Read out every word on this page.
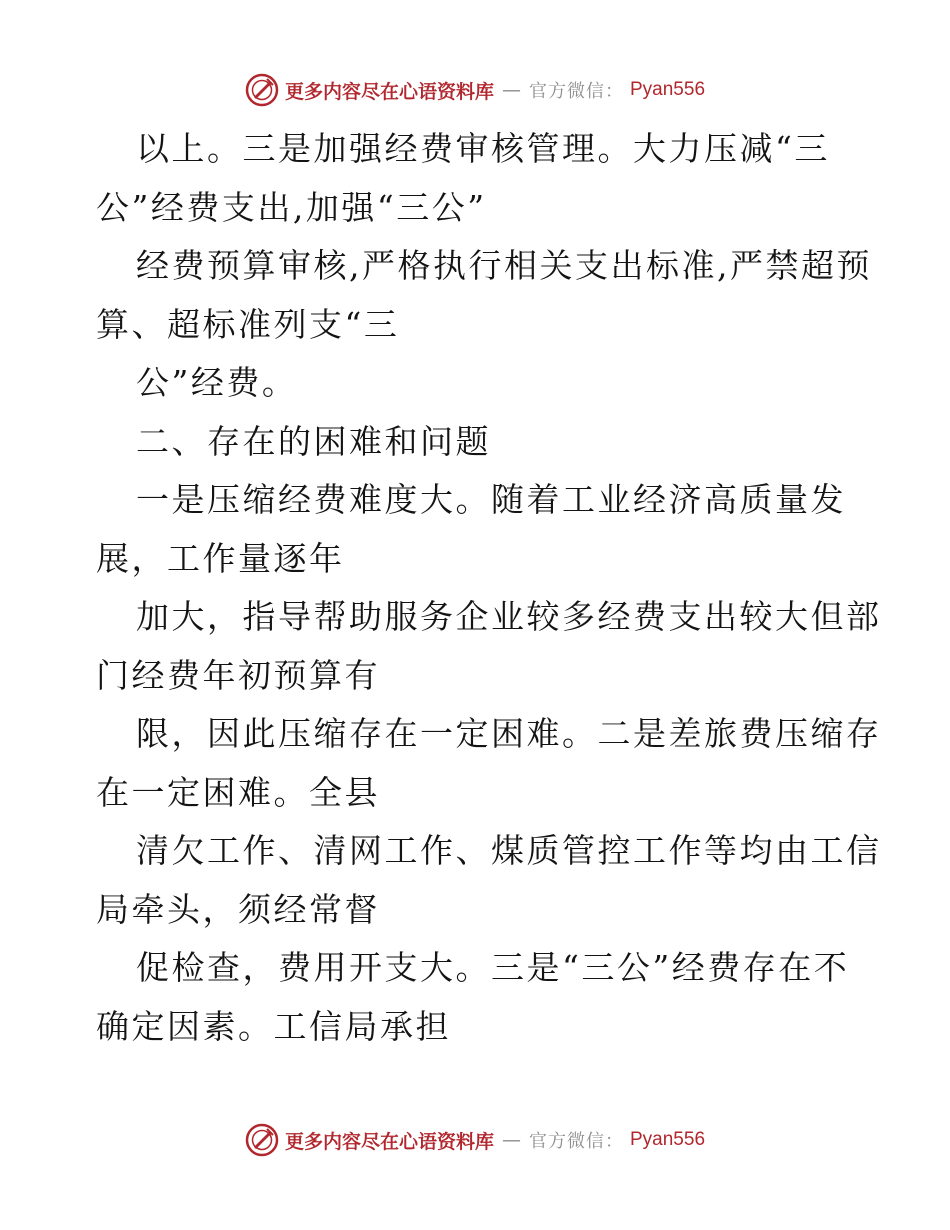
更多内容尽在心语资料库 — 官方微信： Pyan556
以上。三是加强经费审核管理。大力压减“三
公”经费支出,加强“三公”
经费预算审核,严格执行相关支出标准,严禁超预
算、超标准列支“三
公”经费。
二、存在的困难和问题
一是压缩经费难度大。随着工业经济高质量发
展，工作量逐年
加大，指导帮助服务企业较多经费支出较大但部
门经费年初预算有
限，因此压缩存在一定困难。二是差旅费压缩存
在一定困难。全县
清欠工作、清网工作、煤质管控工作等均由工信
局牵头，须经常督
促检查，费用开支大。三是“三公”经费存在不
确定因素。工信局承担
更多内容尽在心语资料库 — 官方微信： Pyan556
